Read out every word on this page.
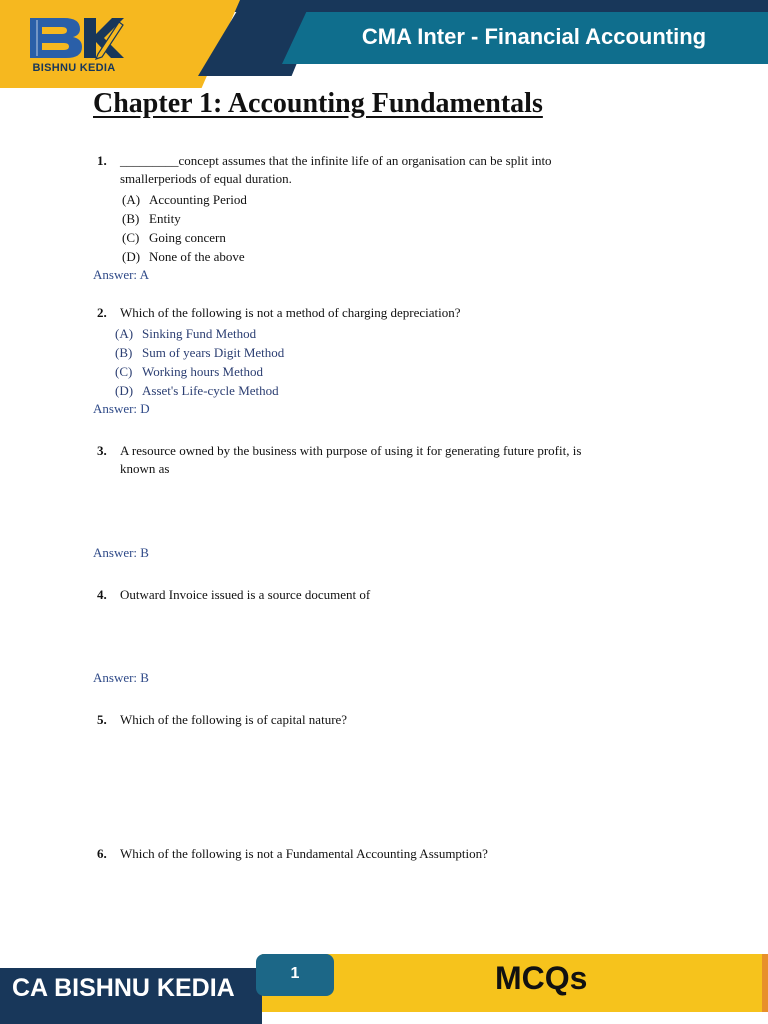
BISHNU KEDIA
CMA Inter - Financial Accounting
Chapter 1: Accounting Fundamentals
1. _________concept assumes that the infinite life of an organisation can be split into smallerperiods of equal duration.
(A) Accounting Period
(B) Entity
(C) Going concern
(D) None of the above
Answer: A
2. Which of the following is not a method of charging depreciation?
(A) Sinking Fund Method
(B) Sum of years Digit Method
(C) Working hours Method
(D) Asset's Life-cycle Method
Answer: D
3. A resource owned by the business with purpose of using it for generating future profit, is known as
Answer: B
4. Outward Invoice issued is a source document of
Answer: B
5. Which of the following is of capital nature?
6. Which of the following is not a Fundamental Accounting Assumption?
CA BISHNU KEDIA
1	MCQs
